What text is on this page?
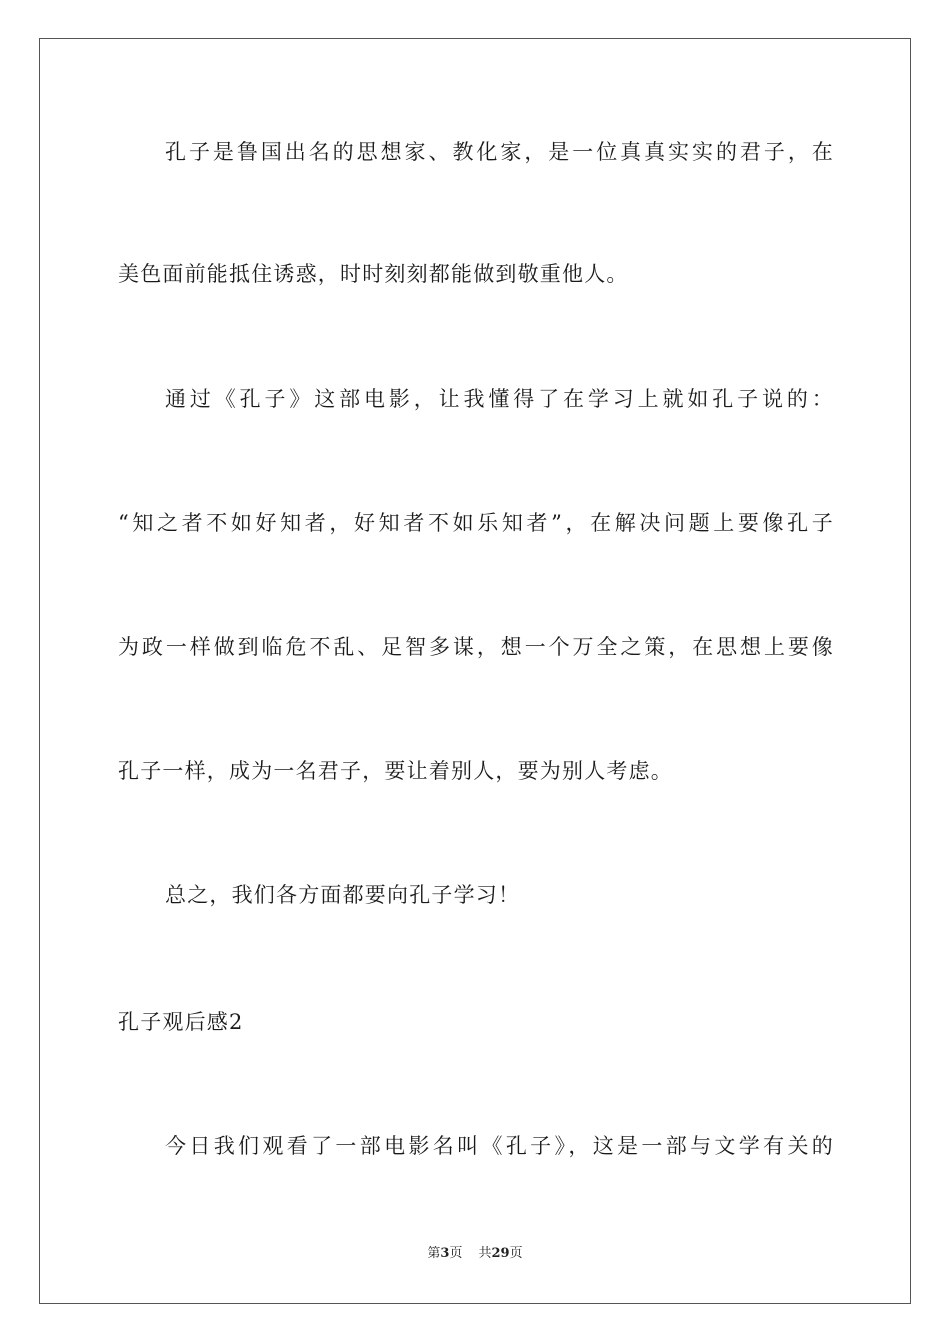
孔子是鲁国出名的思想家、教化家，是一位真真实实的君子，在
美色面前能抵住诱惑，时时刻刻都能做到敬重他人。
通过《孔子》这部电影，让我懂得了在学习上就如孔子说的：
“知之者不如好知者，好知者不如乐知者”，在解决问题上要像孔子
为政一样做到临危不乱、足智多谋，想一个万全之策，在思想上要像
孔子一样，成为一名君子，要让着别人，要为别人考虑。
总之，我们各方面都要向孔子学习！
孔子观后感2
今日我们观看了一部电影名叫《孔子》，这是一部与文学有关的
第3页 共29页
